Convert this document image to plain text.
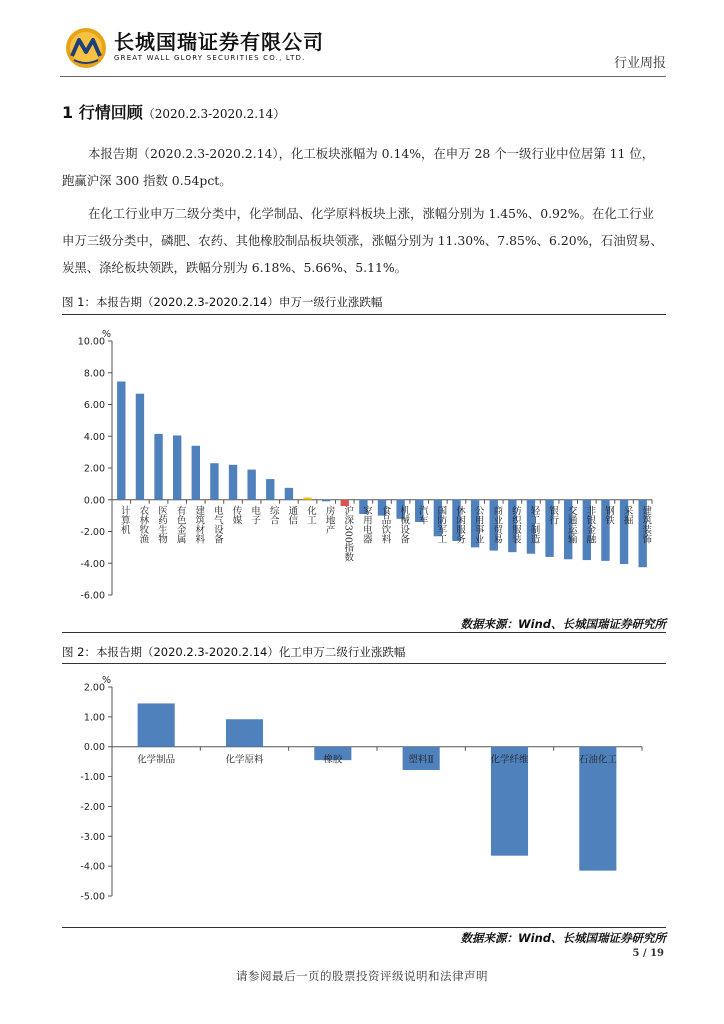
长城国瑞证券有限公司
GREAT WALL GLORY SECURITIES CO., LTD.	行业周报
1 行情回顾（2020.2.3-2020.2.14）
本报告期（2020.2.3-2020.2.14），化工板块涨幅为 0.14%，在申万 28 个一级行业中位居第 11 位，跑赢沪深 300 指数 0.54pct。
在化工行业申万二级分类中，化学制品、化学原料板块上涨，涨幅分别为 1.45%、0.92%。在化工行业申万三级分类中，磷肥、农药、其他橡胶制品板块领涨，涨幅分别为 11.30%、7.85%、6.20%，石油贸易、炭黑、涤纶板块领跌，跌幅分别为 6.18%、5.66%、5.11%。
图 1：本报告期（2020.2.3-2020.2.14）申万一级行业涨跌幅
%
10.00
8.00
6.00
4.00
2.00
0.00
-2.00
-4.00
-6.00
计算机 农林牧渔 医药生物 有色金属 建筑材料 电气设备 传媒 电子 综合 通信 化工 房地产 沪深300指数 家用电器 食品饮料 机械设备 汽车 国防军工 休闲服务 公用事业 商业贸易 纺织服装 轻工制造 银行 交通运输 非银金融 钢铁 采掘 建筑装饰
数据来源：Wind、长城国瑞证券研究所
图 2：本报告期（2020.2.3-2020.2.14）化工申万二级行业涨跌幅
%
2.00
1.00
0.00
-1.00
-2.00
-3.00
-4.00
-5.00
化学制品	化学原料	橡胶	塑料Ⅱ	化学纤维	石油化工
数据来源：Wind、长城国瑞证券研究所
5 / 19
请参阅最后一页的股票投资评级说明和法律声明
